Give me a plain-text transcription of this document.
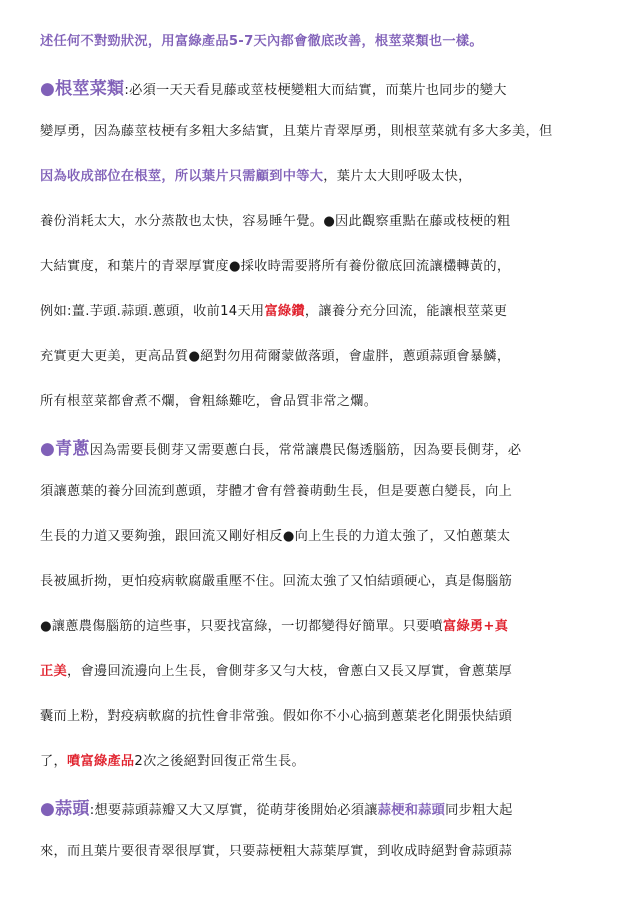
述任何不對勁狀況，用富綠產品5-7天內都會徹底改善，根莖菜類也一樣。
●根莖菜類:必須一天天看見藤或莖枝梗變粗大而結實，而葉片也同步的變大
變厚勇，因為藤莖枝梗有多粗大多結實，且葉片青翠厚勇，則根莖菜就有多大多美，但
因為收成部位在根莖，所以葉片只需顧到中等大，葉片太大則呼吸太快，
養份消耗太大，水分蒸散也太快，容易睡午覺。●因此觀察重點在藤或枝梗的粗
大結實度，和葉片的青翠厚實度●採收時需要將所有養份徹底回流讓欉轉黃的，
例如:薑.芋頭.蒜頭.蔥頭，收前14天用富綠鑽，讓養分充分回流，能讓根莖菜更
充實更大更美，更高品質●絕對勿用荷爾蒙做落頭，會虛胖，蔥頭蒜頭會暴鱗，
所有根莖菜都會煮不爛，會粗絲難吃，會品質非常之爛。
●青蔥因為需要長側芽又需要蔥白長，常常讓農民傷透腦筋，因為要長側芽，必
須讓蔥葉的養分回流到蔥頭，芽體才會有營養萌動生長，但是要蔥白變長，向上
生長的力道又要夠強，跟回流又剛好相反●向上生長的力道太強了，又怕蔥葉太
長被風折拗，更怕疫病軟腐嚴重壓不住。回流太強了又怕結頭硬心，真是傷腦筋
●讓蔥農傷腦筋的這些事，只要找富綠，一切都變得好簡單。只要噴富綠勇+真
正美，會邊回流邊向上生長，會側芽多又勻大枝，會蔥白又長又厚實，會蔥葉厚
囊而上粉，對疫病軟腐的抗性會非常強。假如你不小心搞到蔥葉老化開張快結頭
了，噴富綠產品2次之後絕對回復正常生長。
●蒜頭:想要蒜頭蒜瓣又大又厚實，從萌芽後開始必須讓蒜梗和蒜頭同步粗大起
來，而且葉片要很青翠很厚實，只要蒜梗粗大蒜葉厚實，到收成時絕對會蒜頭蒜
